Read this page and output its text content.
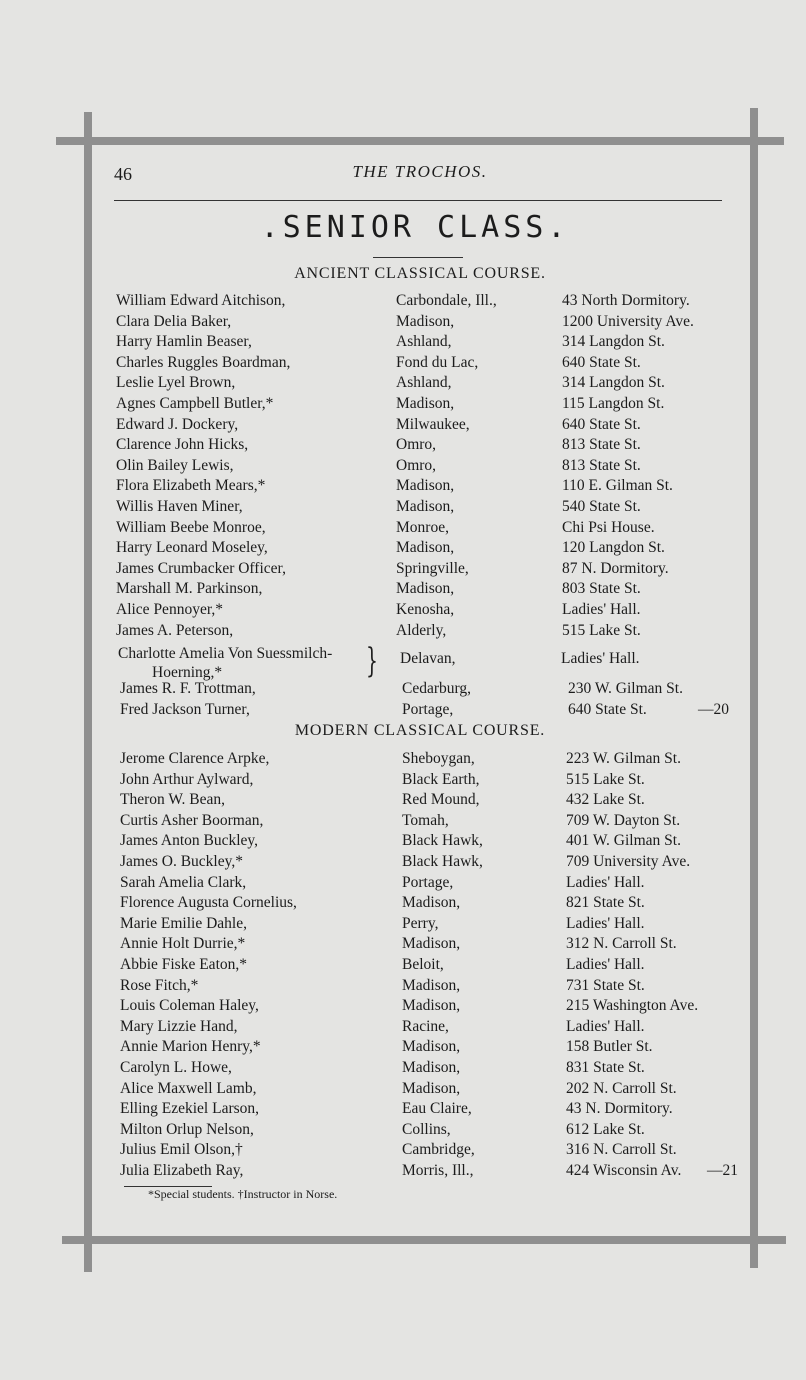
46	THE TROCHOS.
.SENIOR CLASS.
ANCIENT CLASSICAL COURSE.
William Edward Aitchison,	Carbondale, Ill.,	43 North Dormitory.
Clara Delia Baker,	Madison,	1200 University Ave.
Harry Hamlin Beaser,	Ashland,	314 Langdon St.
Charles Ruggles Boardman,	Fond du Lac,	640 State St.
Leslie Lyel Brown,	Ashland,	314 Langdon St.
Agnes Campbell Butler,*	Madison,	115 Langdon St.
Edward J. Dockery,	Milwaukee,	640 State St.
Clarence John Hicks,	Omro,	813 State St.
Olin Bailey Lewis,	Omro,	813 State St.
Flora Elizabeth Mears,*	Madison,	110 E. Gilman St.
Willis Haven Miner,	Madison,	540 State St.
William Beebe Monroe,	Monroe,	Chi Psi House.
Harry Leonard Moseley,	Madison,	120 Langdon St.
James Crumbacker Officer,	Springville,	87 N. Dormitory.
Marshall M. Parkinson,	Madison,	803 State St.
Alice Pennoyer,*	Kenosha,	Ladies' Hall.
James A. Peterson,	Alderly,	515 Lake St.
Charlotte Amelia Von Suessmilch-
Hoerning,*	} Delavan,	Ladies' Hall.
James R. F. Trottman,	Cedarburg,	230 W. Gilman St.
Fred Jackson Turner,	Portage,	640 State St.	—20
MODERN CLASSICAL COURSE.
Jerome Clarence Arpke,	Sheboygan,	223 W. Gilman St.
John Arthur Aylward,	Black Earth,	515 Lake St.
Theron W. Bean,	Red Mound,	432 Lake St.
Curtis Asher Boorman,	Tomah,	709 W. Dayton St.
James Anton Buckley,	Black Hawk,	401 W. Gilman St.
James O. Buckley,*	Black Hawk,	709 University Ave.
Sarah Amelia Clark,	Portage,	Ladies' Hall.
Florence Augusta Cornelius,	Madison,	821 State St.
Marie Emilie Dahle,	Perry,	Ladies' Hall.
Annie Holt Durrie,*	Madison,	312 N. Carroll St.
Abbie Fiske Eaton,*	Beloit,	Ladies' Hall.
Rose Fitch,*	Madison,	731 State St.
Louis Coleman Haley,	Madison,	215 Washington Ave.
Mary Lizzie Hand,	Racine,	Ladies' Hall.
Annie Marion Henry,*	Madison,	158 Butler St.
Carolyn L. Howe,	Madison,	831 State St.
Alice Maxwell Lamb,	Madison,	202 N. Carroll St.
Elling Ezekiel Larson,	Eau Claire,	43 N. Dormitory.
Milton Orlup Nelson,	Collins,	612 Lake St.
Julius Emil Olson,†	Cambridge,	316 N. Carroll St.
Julia Elizabeth Ray,	Morris, Ill.,	424 Wisconsin Av. —21
*Special students. †Instructor in Norse.
